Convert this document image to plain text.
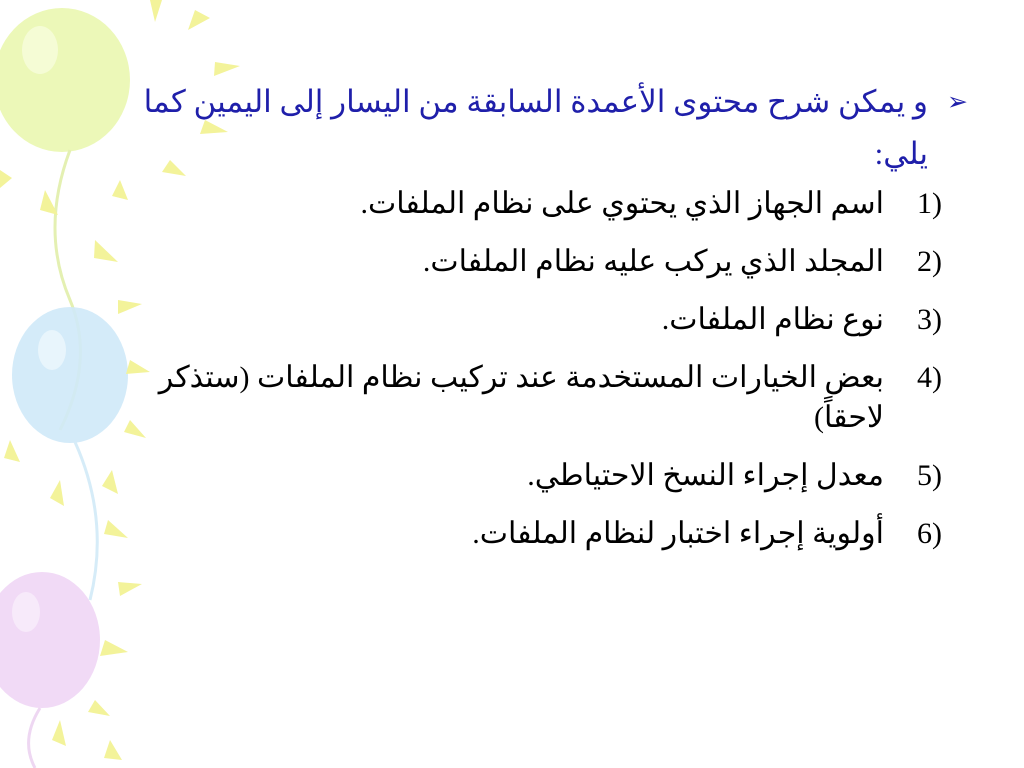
➢
و يمكن شرح محتوى الأعمدة السابقة من اليسار إلى اليمين كما يلي:
1)
اسم الجهاز الذي يحتوي على نظام الملفات.
2)
المجلد الذي يركب عليه نظام الملفات.
3)
نوع نظام الملفات.
4)
بعض الخيارات المستخدمة عند تركيب نظام الملفات (ستذكر لاحقاً)
5)
معدل إجراء النسخ الاحتياطي.
6)
أولوية إجراء اختبار لنظام الملفات.
